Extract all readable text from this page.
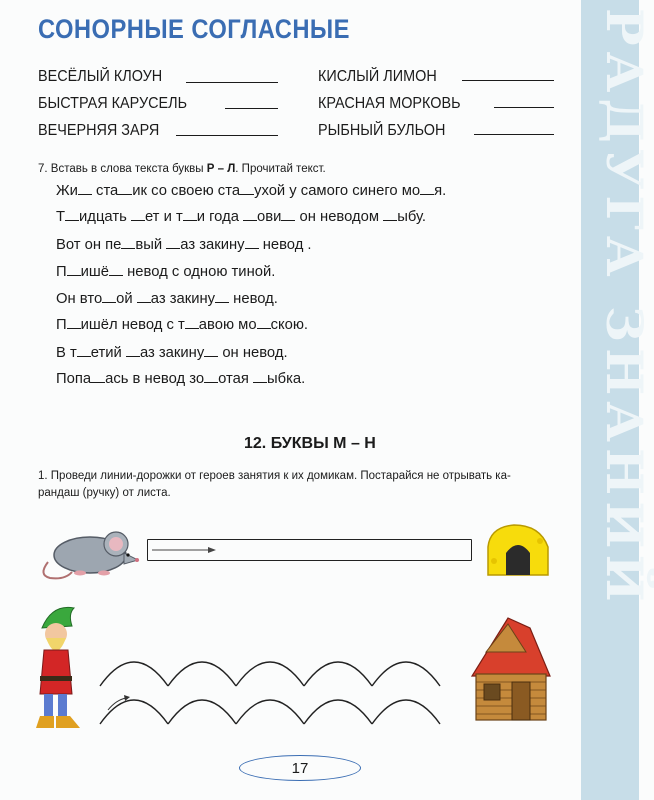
РАДУГА ЗНАНИЙ
СОНОРНЫЕ СОГЛАСНЫЕ
ВЕСЁЛЫЙ КЛОУН
БЫСТРАЯ КАРУСЕЛЬ
ВЕЧЕРНЯЯ ЗАРЯ
КИСЛЫЙ ЛИМОН
КРАСНАЯ МОРКОВЬ
РЫБНЫЙ БУЛЬОН
7. Вставь в слова текста буквы Р – Л. Прочитай текст.
Жи ста ик со своею ста ухой у самого синего мо я.
Т идцать ет и т и года ови он неводом ыбу.
Вот он пе вый аз закину невод .
П ишё невод с одною тиной.
Он вто ой аз закину невод.
П ишёл невод с т авою мо скою.
В т етий аз закину он невод.
Попа ась в невод зо отая ыбка.
12. БУКВЫ М – Н
1. Проведи линии-дорожки от героев занятия к их домикам. Постарайся не отрывать ка-
рандаш (ручку) от листа.
17
